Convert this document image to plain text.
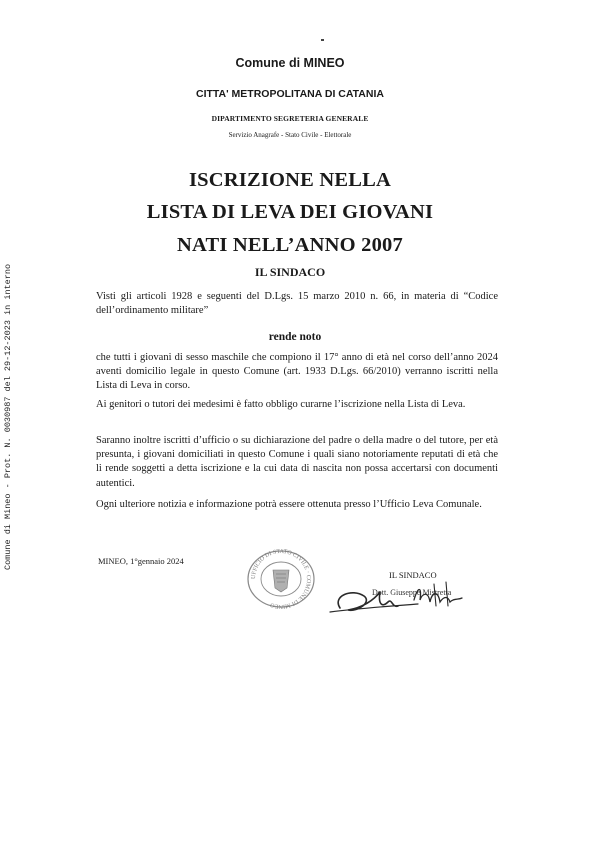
Comune di Mineo - Prot. N. 0030987 del 29-12-2023 in interno
Comune di MINEO
CITTA' METROPOLITANA DI CATANIA
DIPARTIMENTO SEGRETERIA GENERALE
Servizio Anagrafe - Stato Civile - Elettorale
ISCRIZIONE NELLA
LISTA DI LEVA DEI GIOVANI
NATI NELL’ANNO 2007
IL SINDACO
Visti gli articoli 1928 e seguenti del D.Lgs. 15 marzo 2010 n. 66, in materia di “Codice dell’ordinamento militare”
rende noto
che tutti i giovani di sesso maschile che compiono il 17° anno di età nel corso dell’anno 2024 aventi domicilio legale in questo Comune (art. 1933 D.Lgs. 66/2010) verranno iscritti nella Lista di Leva in corso.
Ai genitori o tutori dei medesimi è fatto obbligo curarne l’iscrizione nella Lista di Leva.
Saranno inoltre iscritti d’ufficio o su dichiarazione del padre o della madre o del tutore, per età presunta, i giovani domiciliati in questo Comune i quali siano notoriamente reputati di età che li rende soggetti a detta iscrizione e la cui data di nascita non possa accertarsi con documenti autentici.
Ogni ulteriore notizia e informazione potrà essere ottenuta presso l’Ufficio Leva Comunale.
MINEO, 1°gennaio 2024
UFFICIO DI STATO CIVILE · COMUNE DI MINEO
IL SINDACO
Dott. Giuseppe Mistretta
